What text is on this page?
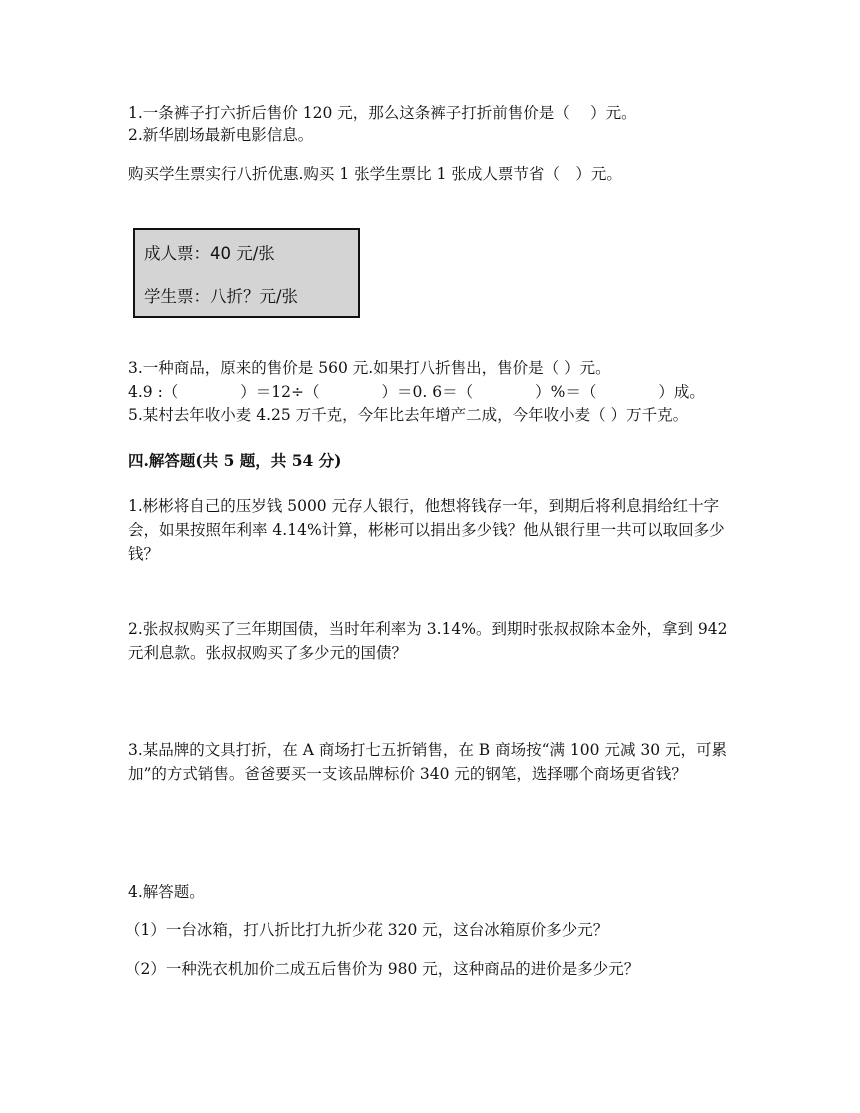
1.一条裤子打六折后售价 120 元，那么这条裤子打折前售价是（　 ）元。
2.新华剧场最新电影信息。
购买学生票实行八折优惠.购买 1 张学生票比 1 张成人票节省（　）元。
成人票：40 元/张
学生票：八折？元/张
3.一种商品，原来的售价是 560 元.如果打八折售出，售价是（ ）元。
4.9 :（　　　　）＝12÷（　　　　）＝0. 6＝（　　　　）%＝（　　　　）成。
5.某村去年收小麦 4.25 万千克，今年比去年增产二成，今年收小麦（ ）万千克。
四.解答题(共 5 题，共 54 分)
1.彬彬将自己的压岁钱 5000 元存人银行，他想将钱存一年，到期后将利息捐给红十字会，如果按照年利率 4.14%计算，彬彬可以捐出多少钱？他从银行里一共可以取回多少钱？
2.张叔叔购买了三年期国债，当时年利率为 3.14%。到期时张叔叔除本金外，拿到 942 元利息款。张叔叔购买了多少元的国债？
3.某品牌的文具打折，在 A 商场打七五折销售，在 B 商场按“满 100 元减 30 元，可累加”的方式销售。爸爸要买一支该品牌标价 340 元的钢笔，选择哪个商场更省钱？
4.解答题。
（1）一台冰箱，打八折比打九折少花 320 元，这台冰箱原价多少元？
（2）一种洗衣机加价二成五后售价为 980 元，这种商品的进价是多少元？
